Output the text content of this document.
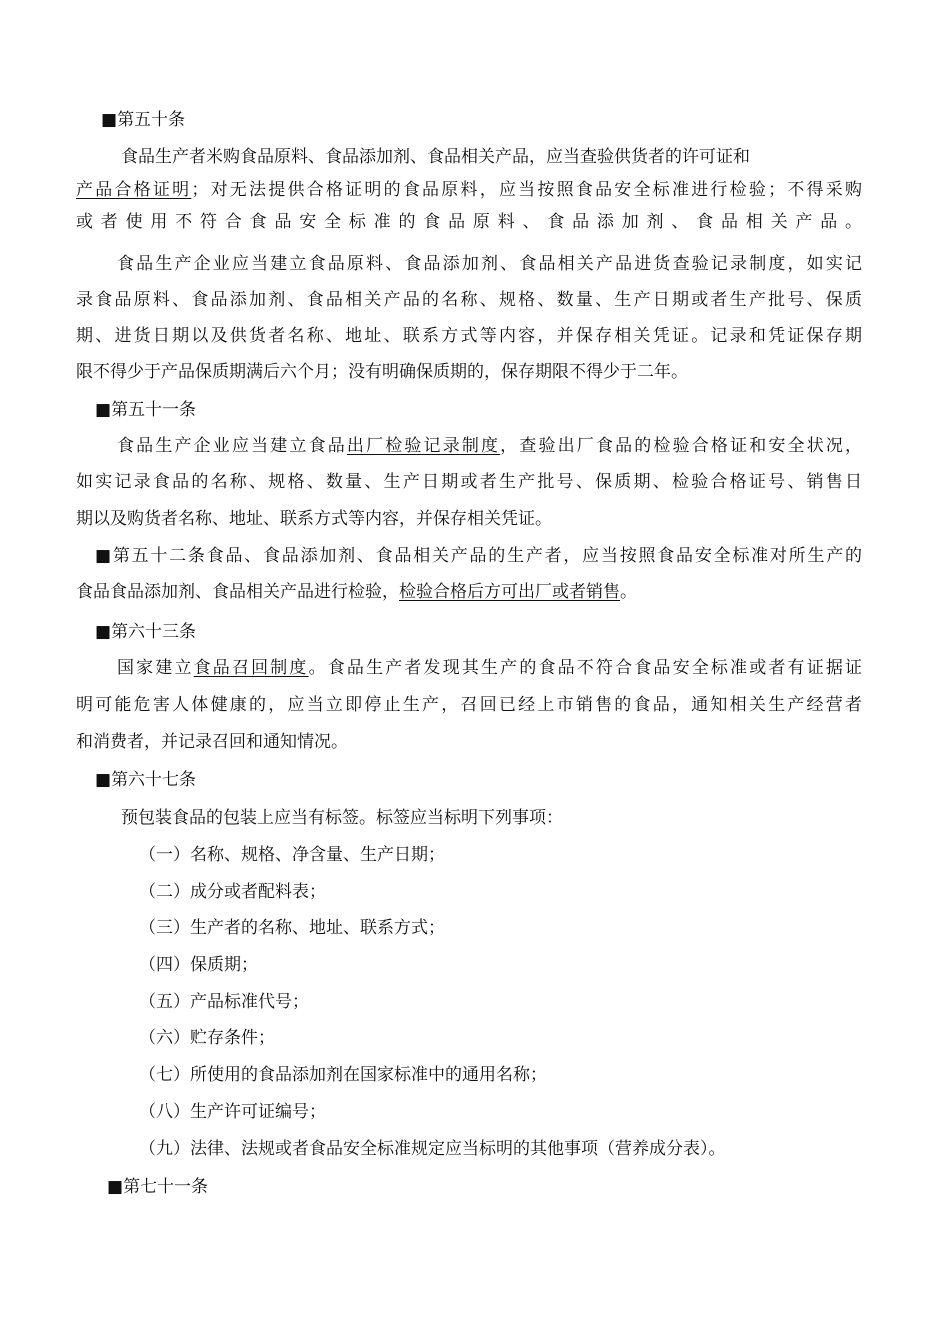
■第五十条

食品生产者米购食品原料、食品添加剂、食品相关产品，应当查验供货者的许可证和

产品合格证明；对无法提供合格证明的食品原料，应当按照食品安全标准进行检验；不得采购

或者使用不符合食品安全标准的食品原料、食品添加剂、食品相关产品。

食品生产企业应当建立食品原料、食品添加剂、食品相关产品进货查验记录制度，如实记

录食品原料、食品添加剂、食品相关产品的名称、规格、数量、生产日期或者生产批号、保质

期、进货日期以及供货者名称、地址、联系方式等内容，并保存相关凭证。记录和凭证保存期

限不得少于产品保质期满后六个月；没有明确保质期的，保存期限不得少于二年。

■第五十一条

食品生产企业应当建立食品出厂检验记录制度，查验出厂食品的检验合格证和安全状况，

如实记录食品的名称、规格、数量、生产日期或者生产批号、保质期、检验合格证号、销售日

期以及购货者名称、地址、联系方式等内容，并保存相关凭证。

■第五十二条食品、食品添加剂、食品相关产品的生产者，应当按照食品安全标准对所生产的

食品食品添加剂、食品相关产品进行检验，检验合格后方可出厂或者销售。

■第六十三条

国家建立食品召回制度。食品生产者发现其生产的食品不符合食品安全标准或者有证据证

明可能危害人体健康的，应当立即停止生产，召回已经上市销售的食品，通知相关生产经营者

和消费者，并记录召回和通知情况。

■第六十七条

预包装食品的包装上应当有标签。标签应当标明下列事项：

（一）名称、规格、净含量、生产日期；

（二）成分或者配料表；

（三）生产者的名称、地址、联系方式；

（四）保质期；

（五）产品标准代号；

（六）贮存条件；

（七）所使用的食品添加剂在国家标准中的通用名称；

（八）生产许可证编号；

（九）法律、法规或者食品安全标准规定应当标明的其他事项（营养成分表）。

■第七十一条
